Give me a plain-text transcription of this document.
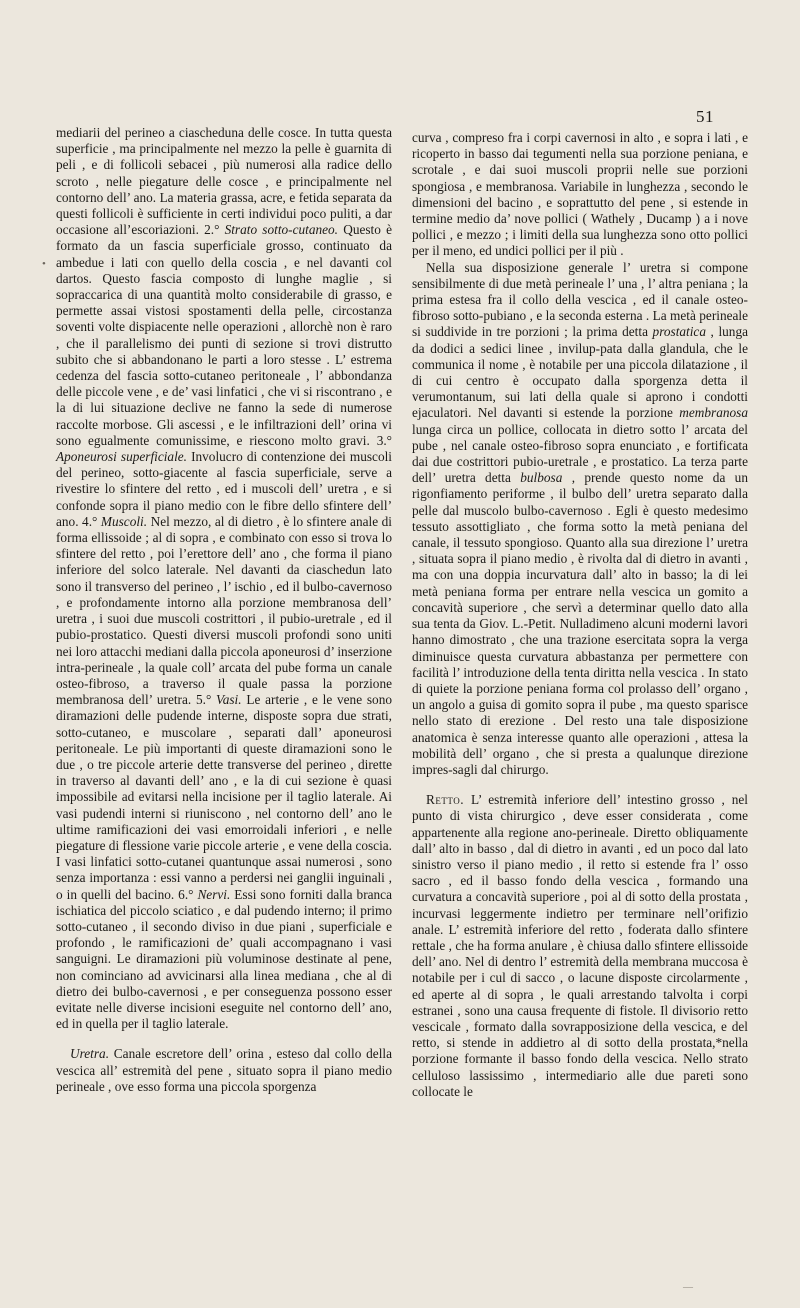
51
•

mediarii del perineo a ciascheduna delle cosce. In tutta questa superficie , ma principalmente nel mezzo la pelle è guarnita di peli , e di follicoli sebacei , più numerosi alla radice dello scroto , nelle piegature delle cosce , e principalmente nel contorno dell’ ano. La materia grassa, acre, e fetida separata da questi follicoli è sufficiente in certi individui poco puliti, a dar occasione all’escoriazioni. 2.° Strato sotto-cutaneo. Questo è formato da un fascia superficiale grosso, continuato da ambedue i lati con quello della coscia , e nel davanti col dartos. Questo fascia composto di lunghe maglie , si sopraccarica di una quantità molto considerabile di grasso, e permette assai vistosi spostamenti della pelle, circostanza soventi volte dispiacente nelle operazioni , allorchè non è raro , che il parallelismo dei punti di sezione si trovi distrutto subito che si abbandonano le parti a loro stesse . L’ estrema cedenza del fascia sotto-cutaneo peritoneale , l’ abbondanza delle piccole vene , e de’ vasi linfatici , che vi si riscontrano , e la di lui situazione declive ne fanno la sede di numerose raccolte morbose. Gli ascessi , e le infiltrazioni dell’ orina vi sono egualmente comunissime, e riescono molto gravi. 3.° Aponeurosi superficiale. Involucro di contenzione dei muscoli del perineo, sotto-giacente al fascia superficiale, serve a rivestire lo sfintere del retto , ed i muscoli dell’ uretra , e si confonde sopra il piano medio con le fibre dello sfintere dell’ ano. 4.° Muscoli. Nel mezzo, al di dietro , è lo sfintere anale di forma ellissoide ; al di sopra , e combinato con esso si trova lo sfintere del retto , poi l’erettore dell’ ano , che forma il piano inferiore del solco laterale. Nel davanti da ciaschedun lato sono il transverso del perineo , l’ ischio , ed il bulbo-cavernoso , e profondamente intorno alla porzione membranosa dell’ uretra , i suoi due muscoli costrittori , il pubio-uretrale , ed il pubio-prostatico. Questi diversi muscoli profondi sono uniti nei loro attacchi mediani dalla piccola aponeurosi d’ inserzione intra-perineale , la quale coll’ arcata del pube forma un canale osteo-fibroso, a traverso il quale passa la porzione membranosa dell’ uretra. 5.° Vasi. Le arterie , e le vene sono diramazioni delle pudende interne, disposte sopra due strati, sotto-cutaneo, e muscolare , separati dall’ aponeurosi peritoneale. Le più importanti di queste diramazioni sono le due , o tre piccole arterie dette transverse del perineo , dirette in traverso al davanti dell’ ano , e la di cui sezione è quasi impossibile ad evitarsi nella incisione per il taglio laterale. Ai vasi pudendi interni si riuniscono , nel contorno dell’ ano le ultime ramificazioni dei vasi emorroidali inferiori , e nelle piegature di flessione varie piccole arterie , e vene della coscia. I vasi linfatici sotto-cutanei quantunque assai numerosi , sono senza importanza : essi vanno a perdersi nei ganglii inguinali , o in quelli del bacino. 6.° Nervi. Essi sono forniti dalla branca ischiatica del piccolo sciatico , e dal pudendo interno; il primo sotto-cutaneo , il secondo diviso in due piani , superficiale e profondo , le ramificazioni de’ quali accompagnano i vasi sanguigni. Le diramazioni più voluminose destinate al pene, non cominciano ad avvicinarsi alla linea mediana , che al di dietro dei bulbo-cavernosi , e per conseguenza possono esser evitate nelle diverse incisioni eseguite nel contorno dell’ ano, ed in quella per il taglio laterale.

Uretra. Canale escretore dell’ orina , esteso dal collo della vescica all’ estremità del pene , situato sopra il piano medio perineale , ove esso forma una piccola sporgenza

curva , compreso fra i corpi cavernosi in alto , e sopra i lati , e ricoperto in basso dai tegumenti nella sua porzione peniana, e scrotale , e dai suoi muscoli proprii nelle sue porzioni spongiosa , e membranosa. Variabile in lunghezza , secondo le dimensioni del bacino , e soprattutto del pene , si estende in termine medio da’ nove pollici ( Wathely , Ducamp ) a i nove pollici , e mezzo ; i limiti della sua lunghezza sono otto pollici per il meno, ed undici pollici per il più .

Nella sua disposizione generale l’ uretra si compone sensibilmente di due metà perineale l’ una , l’ altra peniana ; la prima estesa fra il collo della vescica , ed il canale osteo-fibroso sotto-pubiano , e la seconda esterna . La metà perineale si suddivide in tre porzioni ; la prima detta prostatica , lunga da dodici a sedici linee , invilup-pata dalla glandula, che le communica il nome , è notabile per una piccola dilatazione , il di cui centro è occupato dalla sporgenza detta il verumontanum, sui lati della quale si aprono i condotti ejaculatori. Nel davanti si estende la porzione membranosa lunga circa un pollice, collocata in dietro sotto l’ arcata del pube , nel canale osteo-fibroso sopra enunciato , e fortificata dai due costrittori pubio-uretrale , e prostatico. La terza parte dell’ uretra detta bulbosa , prende questo nome da un rigonfiamento periforme , il bulbo dell’ uretra separato dalla pelle dal muscolo bulbo-cavernoso . Egli è questo medesimo tessuto assottigliato , che forma sotto la metà peniana del canale, il tessuto spongioso. Quanto alla sua direzione l’ uretra , situata sopra il piano medio , è rivolta dal di dietro in avanti , ma con una doppia incurvatura dall’ alto in basso; la di lei metà peniana forma per entrare nella vescica un gomito a concavità superiore , che servì a determinar quello dato alla sua tenta da Giov. L.-Petit. Nulladimeno alcuni moderni lavori hanno dimostrato , che una trazione esercitata sopra la verga diminuisce questa curvatura abbastanza per permettere con facilità l’ introduzione della tenta diritta nella vescica . In stato di quiete la porzione peniana forma col prolasso dell’ organo , un angolo a guisa di gomito sopra il pube , ma questo sparisce nello stato di erezione . Del resto una tale disposizione anatomica è senza interesse quanto alle operazioni , attesa la mobilità dell’ organo , che si presta a qualunque direzione impres-sagli dal chirurgo.

Retto. L’ estremità inferiore dell’ intestino grosso , nel punto di vista chirurgico , deve esser considerata , come appartenente alla regione ano-perineale. Diretto obliquamente dall’ alto in basso , dal di dietro in avanti , ed un poco dal lato sinistro verso il piano medio , il retto si estende fra l’ osso sacro , ed il basso fondo della vescica , formando una curvatura a concavità superiore , poi al di sotto della prostata , incurvasi leggermente indietro per terminare nell’orifizio anale. L’ estremità inferiore del retto , foderata dallo sfintere rettale , che ha forma anulare , è chiusa dallo sfintere ellissoide dell’ ano. Nel di dentro l’ estremità della membrana muccosa è notabile per i cul di sacco , o lacune disposte circolarmente , ed aperte al di sopra , le quali arrestando talvolta i corpi estranei , sono una causa frequente di fistole. Il divisorio retto vescicale , formato dalla sovrapposizione della vescica, e del retto, si stende in addietro al di sotto della prostata,*nella porzione formante il basso fondo della vescica. Nello strato celluloso lassissimo , intermediario alle due pareti sono collocate le

‒‒
